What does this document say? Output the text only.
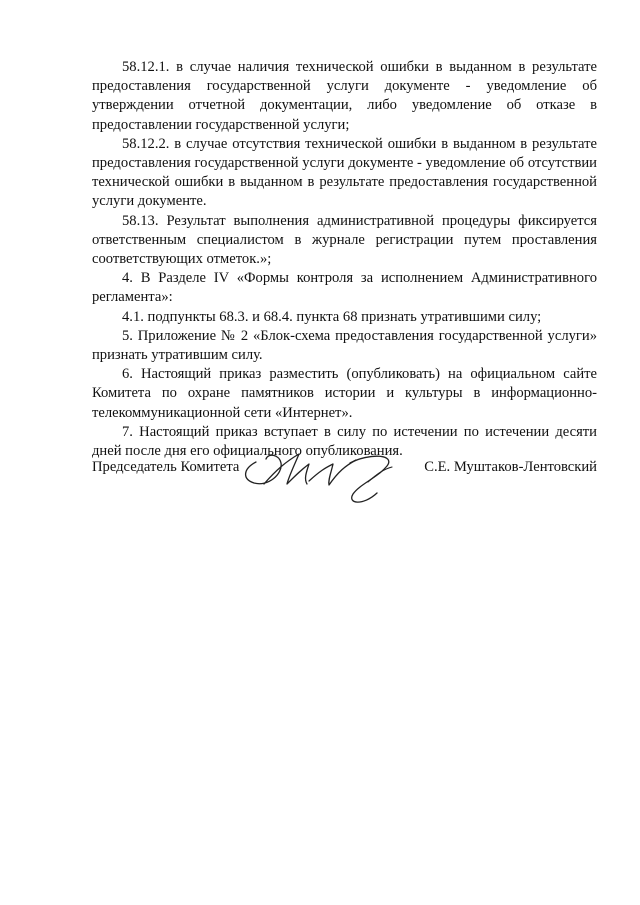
58.12.1. в случае наличия технической ошибки в выданном в результате предоставления государственной услуги документе - уведомление об утверждении отчетной документации, либо уведомление об отказе в предоставлении государственной услуги;

58.12.2. в случае отсутствия технической ошибки в выданном в результате предоставления государственной услуги документе - уведомление об отсутствии технической ошибки в выданном в результате предоставления государственной услуги документе.

58.13. Результат выполнения административной процедуры фиксируется ответственным специалистом в журнале регистрации путем проставления соответствующих отметок.»;

4. В Разделе IV «Формы контроля за исполнением Административного регламента»:

4.1. подпункты 68.3. и 68.4. пункта 68 признать утратившими силу;

5. Приложение № 2 «Блок-схема предоставления государственной услуги» признать утратившим силу.

6. Настоящий приказ разместить (опубликовать) на официальном сайте Комитета по охране памятников истории и культуры в информационно-телекоммуникационной сети «Интернет».

7. Настоящий приказ вступает в силу по истечении по истечении десяти дней после дня его официального опубликования.

Председатель Комитета	С.Е. Муштаков-Лентовский
